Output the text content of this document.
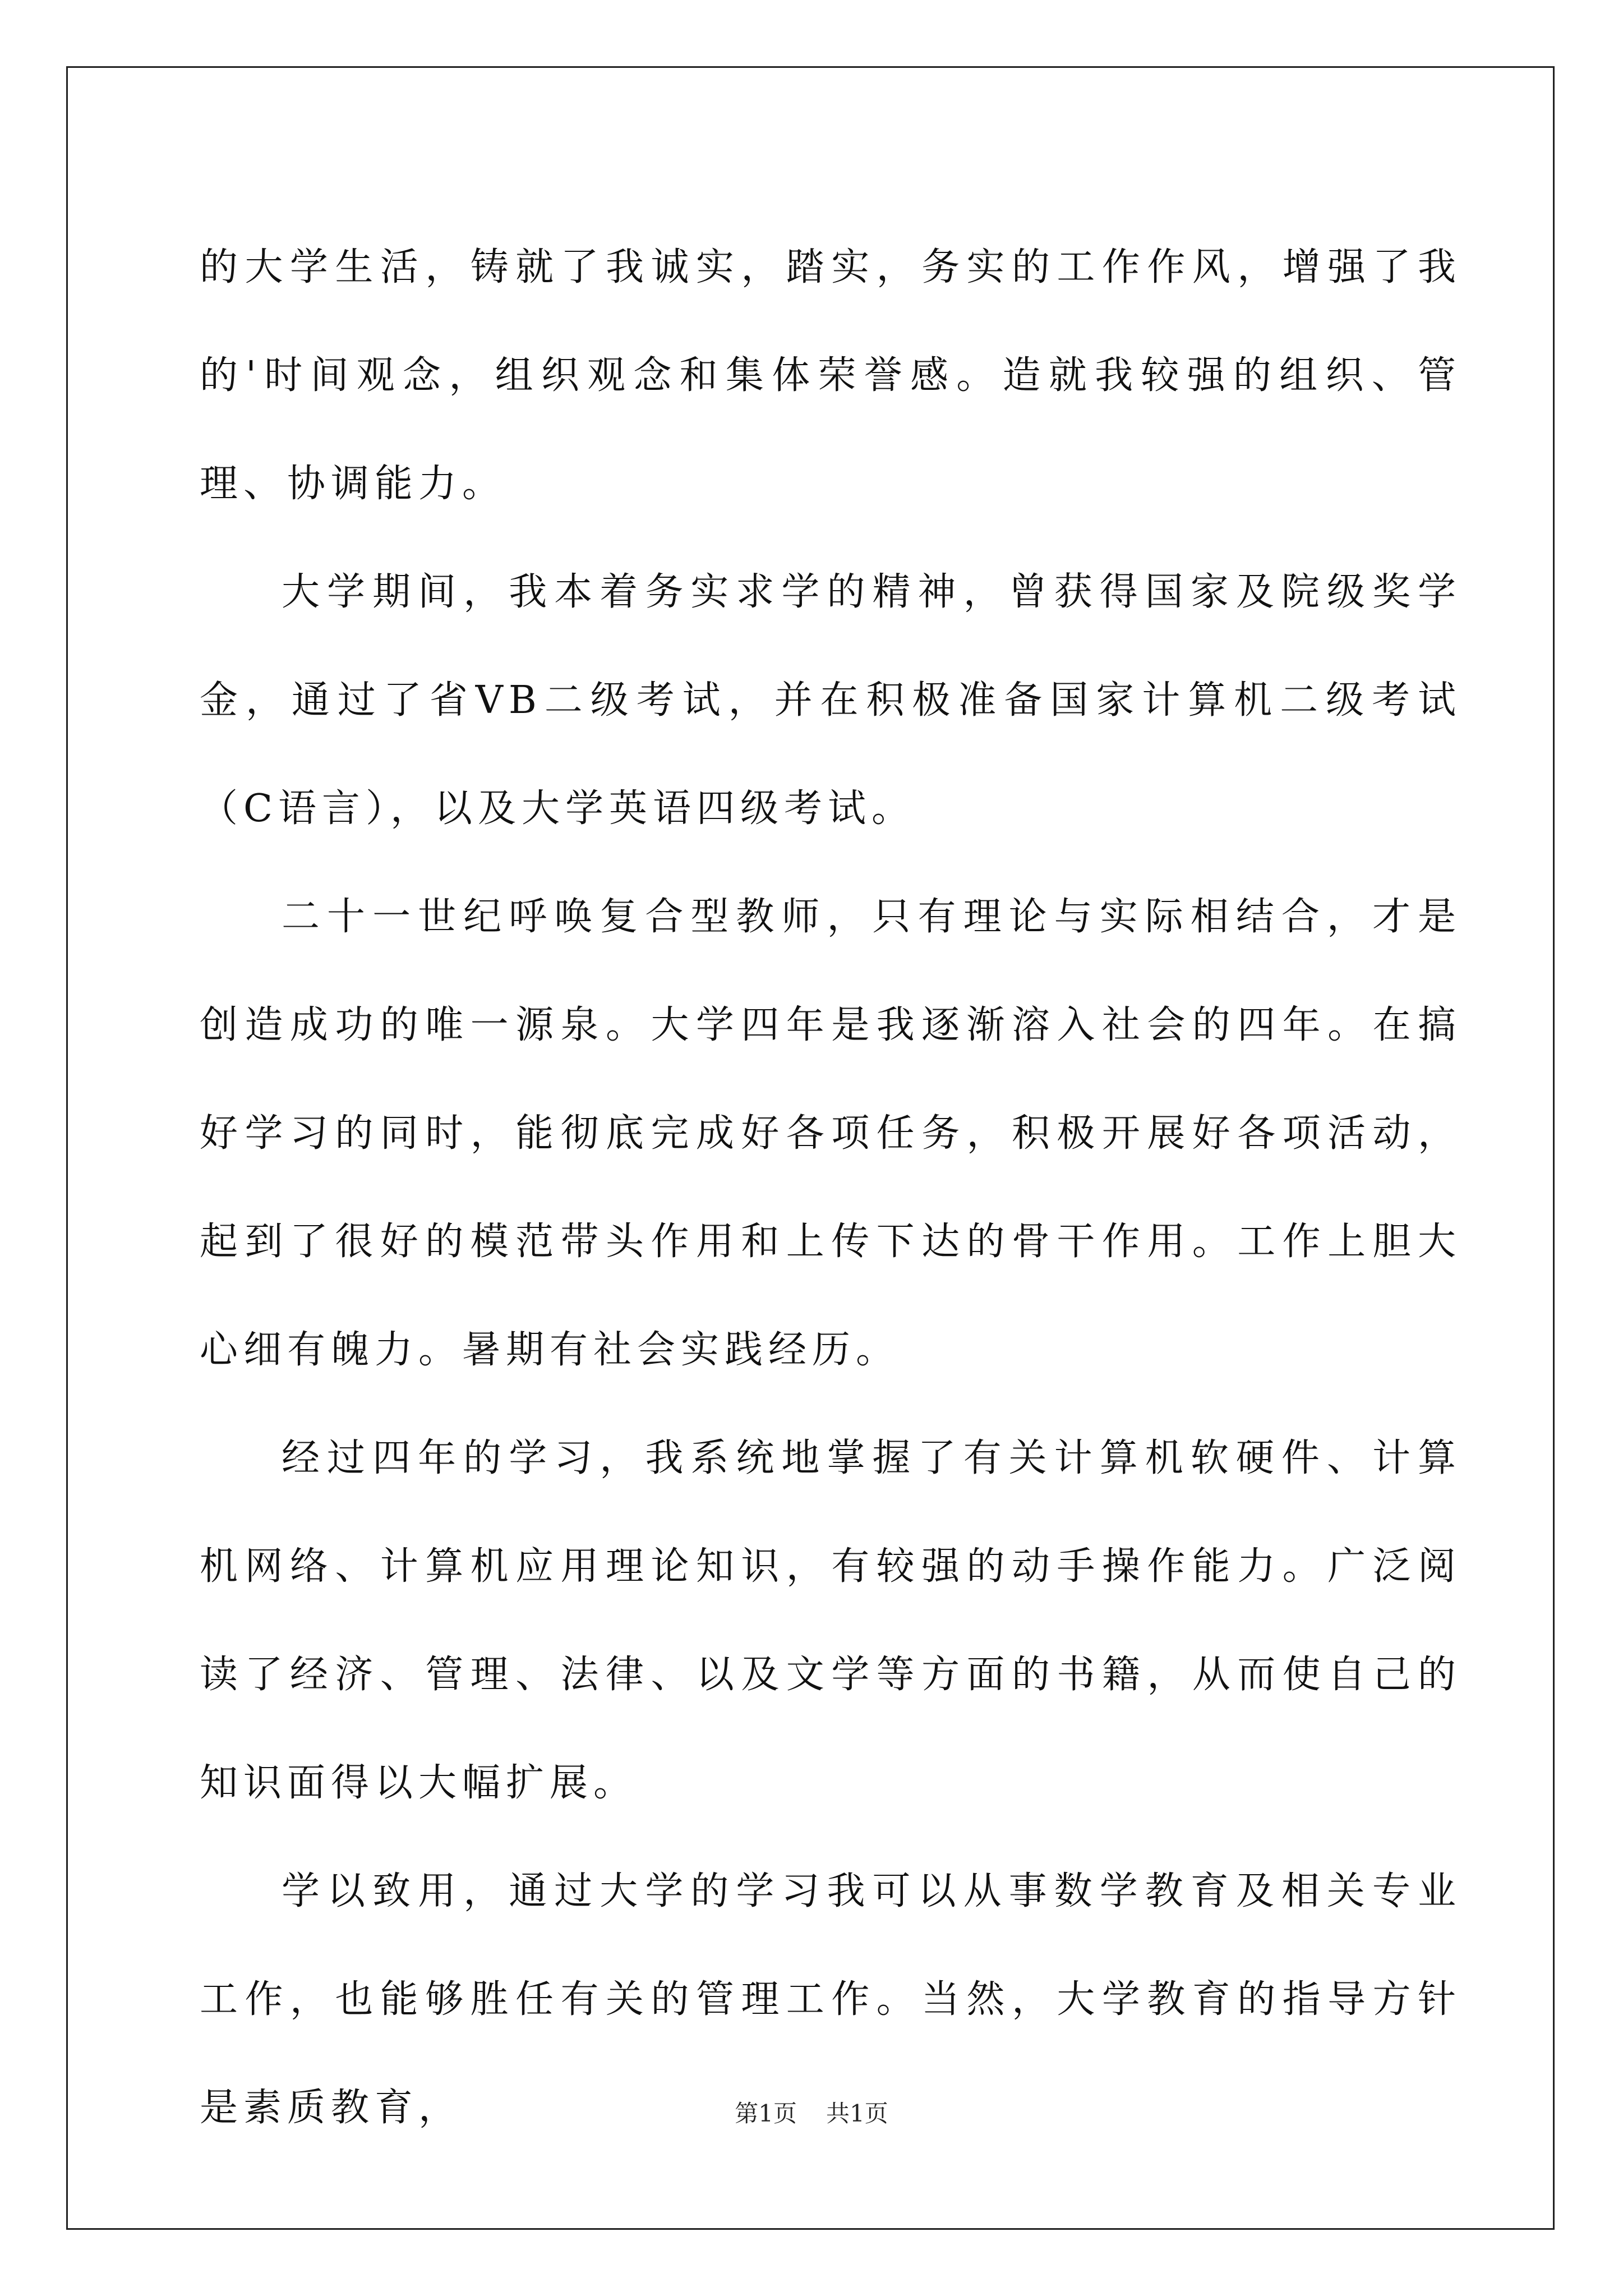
的大学生活，铸就了我诚实，踏实，务实的工作作风，增强了我的'时间观念，组织观念和集体荣誉感。造就我较强的组织、管理、协调能力。

大学期间，我本着务实求学的精神，曾获得国家及院级奖学金，通过了省VB二级考试，并在积极准备国家计算机二级考试（C语言），以及大学英语四级考试。

二十一世纪呼唤复合型教师，只有理论与实际相结合，才是创造成功的唯一源泉。大学四年是我逐渐溶入社会的四年。在搞好学习的同时，能彻底完成好各项任务，积极开展好各项活动，起到了很好的模范带头作用和上传下达的骨干作用。工作上胆大心细有魄力。暑期有社会实践经历。

经过四年的学习，我系统地掌握了有关计算机软硬件、计算机网络、计算机应用理论知识，有较强的动手操作能力。广泛阅读了经济、管理、法律、以及文学等方面的书籍，从而使自己的知识面得以大幅扩展。

学以致用，通过大学的学习我可以从事数学教育及相关专业工作，也能够胜任有关的管理工作。当然，大学教育的指导方针是素质教育，	第1页 共1页
